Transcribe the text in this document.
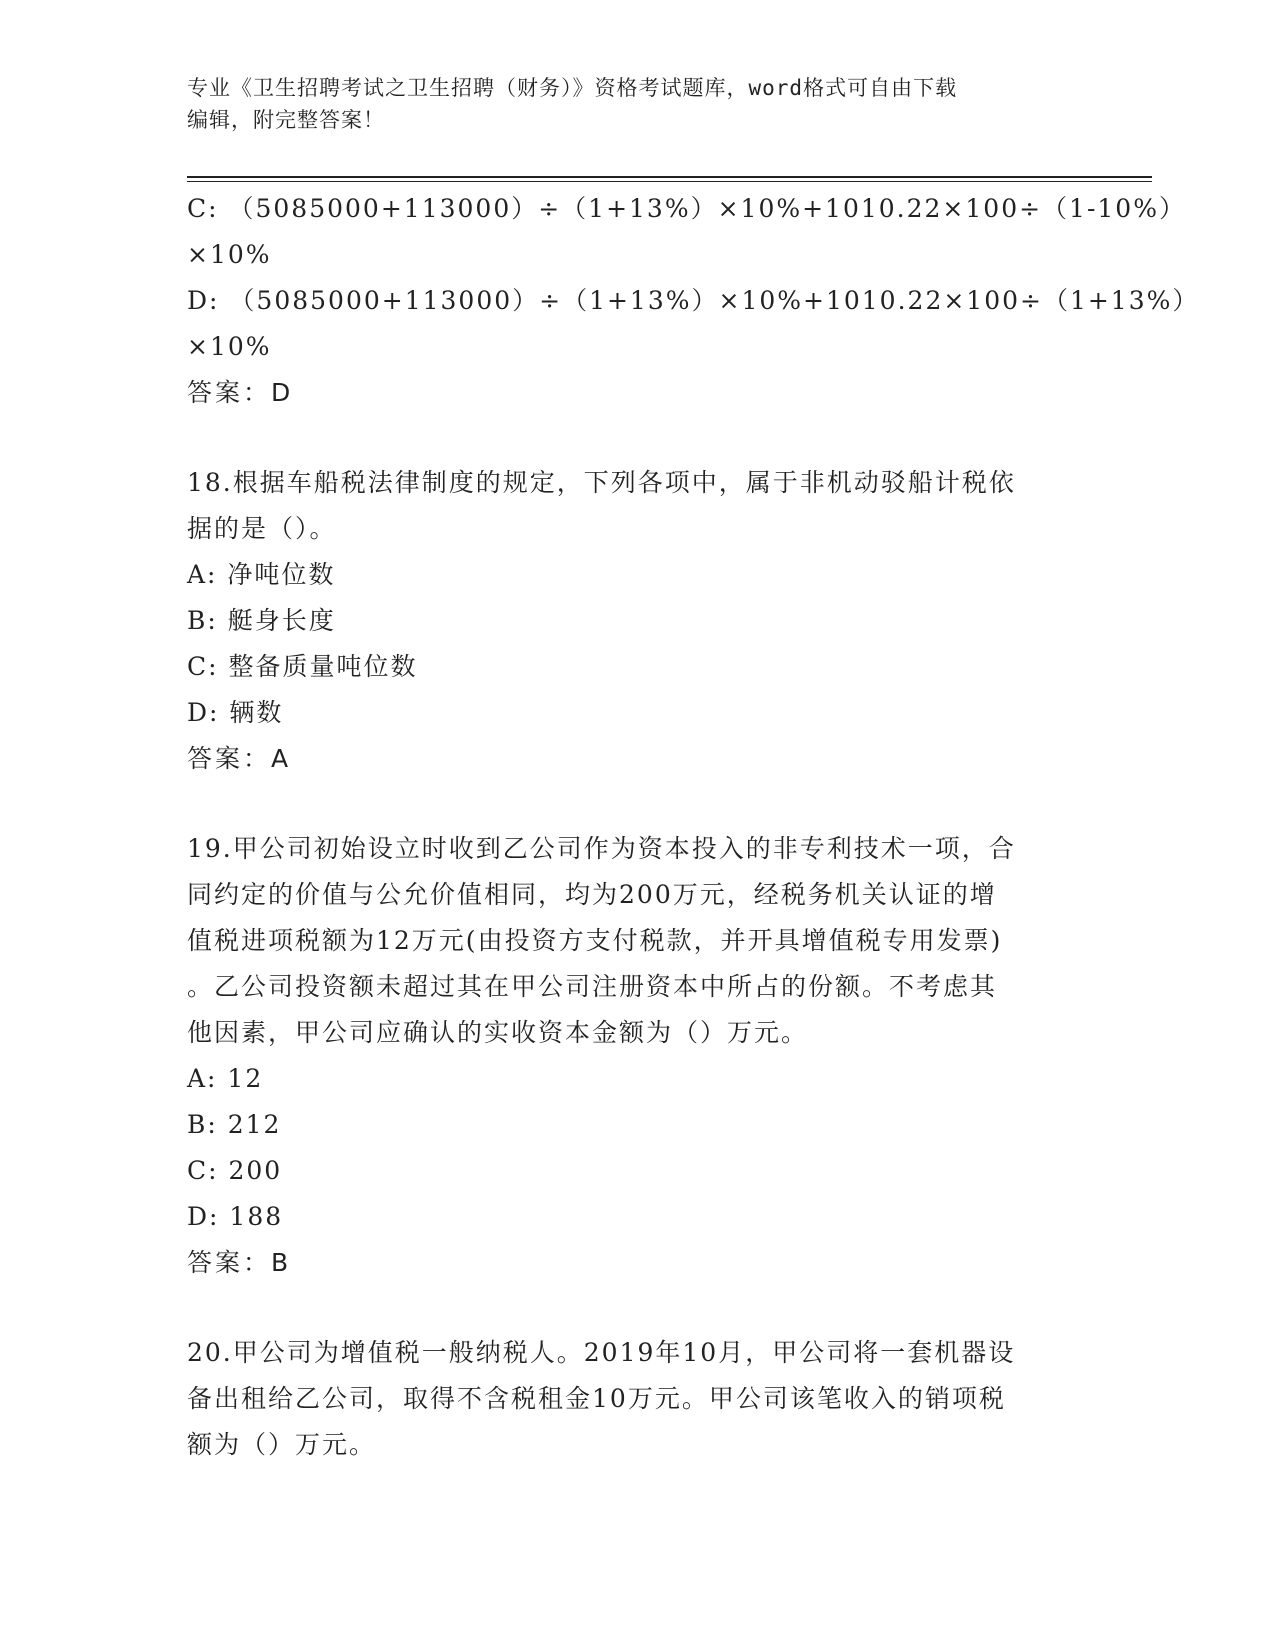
专业《卫生招聘考试之卫生招聘（财务）》资格考试题库，word格式可自由下载
编辑，附完整答案！
C: （5085000+113000）÷（1+13%）×10%+1010.22×100÷（1-10%）
×10%
D: （5085000+113000）÷（1+13%）×10%+1010.22×100÷（1+13%）
×10%
答案：D
18.根据车船税法律制度的规定，下列各项中，属于非机动驳船计税依
据的是（）。
A: 净吨位数
B: 艇身长度
C: 整备质量吨位数
D: 辆数
答案：A
19.甲公司初始设立时收到乙公司作为资本投入的非专利技术一项，合
同约定的价值与公允价值相同，均为200万元，经税务机关认证的增
值税进项税额为12万元(由投资方支付税款，并开具增值税专用发票)
。乙公司投资额未超过其在甲公司注册资本中所占的份额。不考虑其
他因素，甲公司应确认的实收资本金额为（）万元。
A: 12
B: 212
C: 200
D: 188
答案：B
20.甲公司为增值税一般纳税人。2019年10月，甲公司将一套机器设
备出租给乙公司，取得不含税租金10万元。甲公司该笔收入的销项税
额为（）万元。
